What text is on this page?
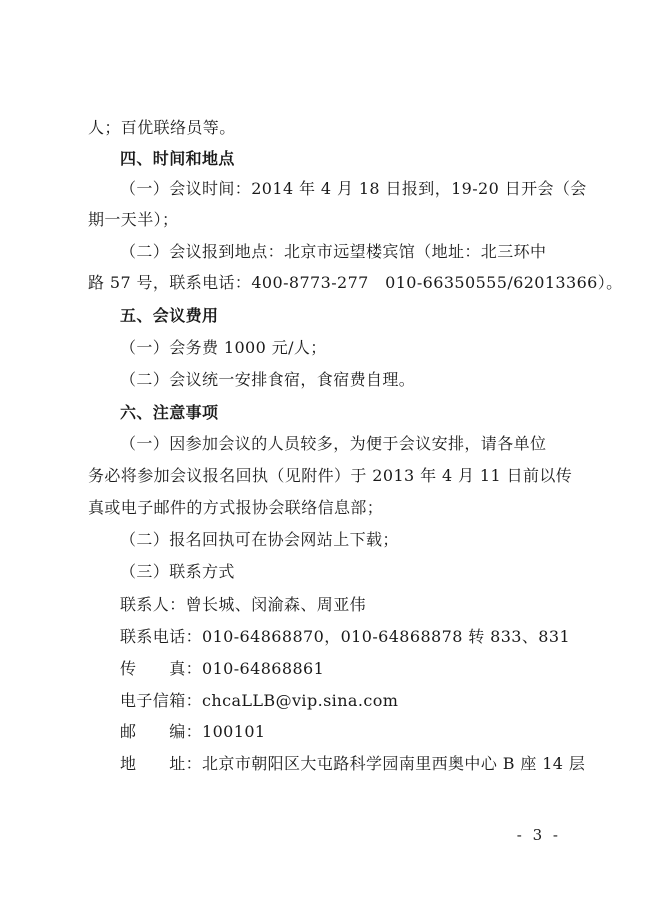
人；百优联络员等。
四、时间和地点
（一）会议时间：2014 年 4 月 18 日报到，19-20 日开会（会
期一天半）；
（二）会议报到地点：北京市远望楼宾馆（地址：北三环中
路 57 号，联系电话：400-8773-277　010-66350555/62013366）。
五、会议费用
（一）会务费 1000 元/人；
（二）会议统一安排食宿，食宿费自理。
六、注意事项
（一）因参加会议的人员较多，为便于会议安排，请各单位
务必将参加会议报名回执（见附件）于 2013 年 4 月 11 日前以传
真或电子邮件的方式报协会联络信息部；
（二）报名回执可在协会网站上下载；
（三）联系方式
联系人：曾长城、闵渝森、周亚伟
联系电话：010-64868870，010-64868878 转 833、831
传　　真：010-64868861
电子信箱：chcaLLB@vip.sina.com
邮　　编：100101
地　　址：北京市朝阳区大屯路科学园南里西奥中心 B 座 14 层
- 3 -
